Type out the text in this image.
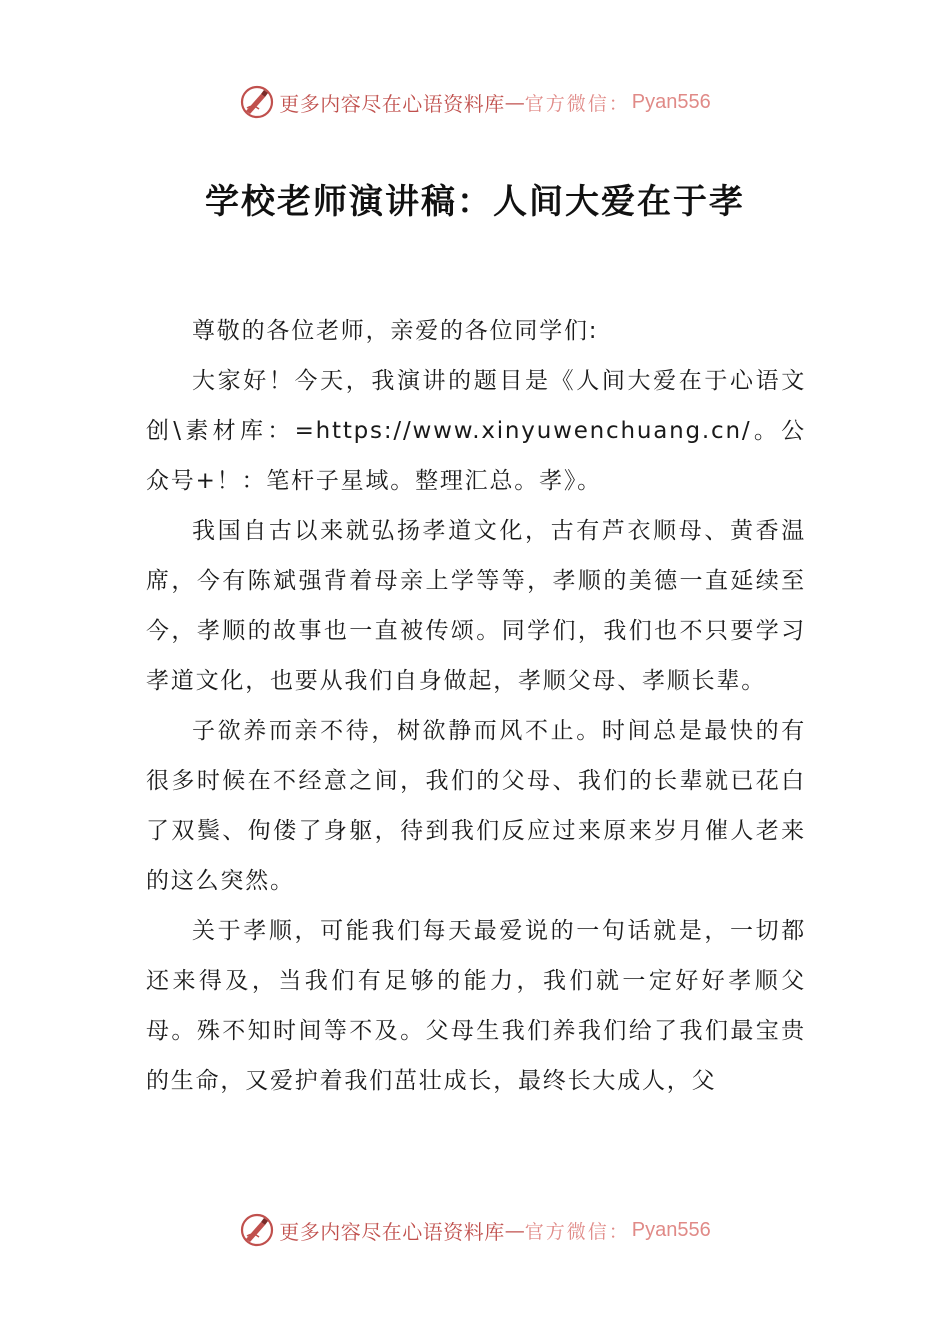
更多内容尽在心语资料库 — 官方微信： Pyan556
学校老师演讲稿：人间大爱在于孝

尊敬的各位老师，亲爱的各位同学们:

大家好！今天，我演讲的题目是《人间大爱在于心语文创\素材库：=https://www.xinyuwenchuang.cn/。公众号+！：笔杆子星域。整理汇总。孝》。

我国自古以来就弘扬孝道文化，古有芦衣顺母、黄香温席，今有陈斌强背着母亲上学等等，孝顺的美德一直延续至今，孝顺的故事也一直被传颂。同学们，我们也不只要学习孝道文化，也要从我们自身做起，孝顺父母、孝顺长辈。

子欲养而亲不待，树欲静而风不止。时间总是最快的有很多时候在不经意之间，我们的父母、我们的长辈就已花白了双鬓、佝偻了身躯，待到我们反应过来原来岁月催人老来的这么突然。

关于孝顺，可能我们每天最爱说的一句话就是，一切都还来得及，当我们有足够的能力，我们就一定好好孝顺父母。殊不知时间等不及。父母生我们养我们给了我们最宝贵的生命，又爱护着我们茁壮成长，最终长大成人，父

更多内容尽在心语资料库 — 官方微信： Pyan556
